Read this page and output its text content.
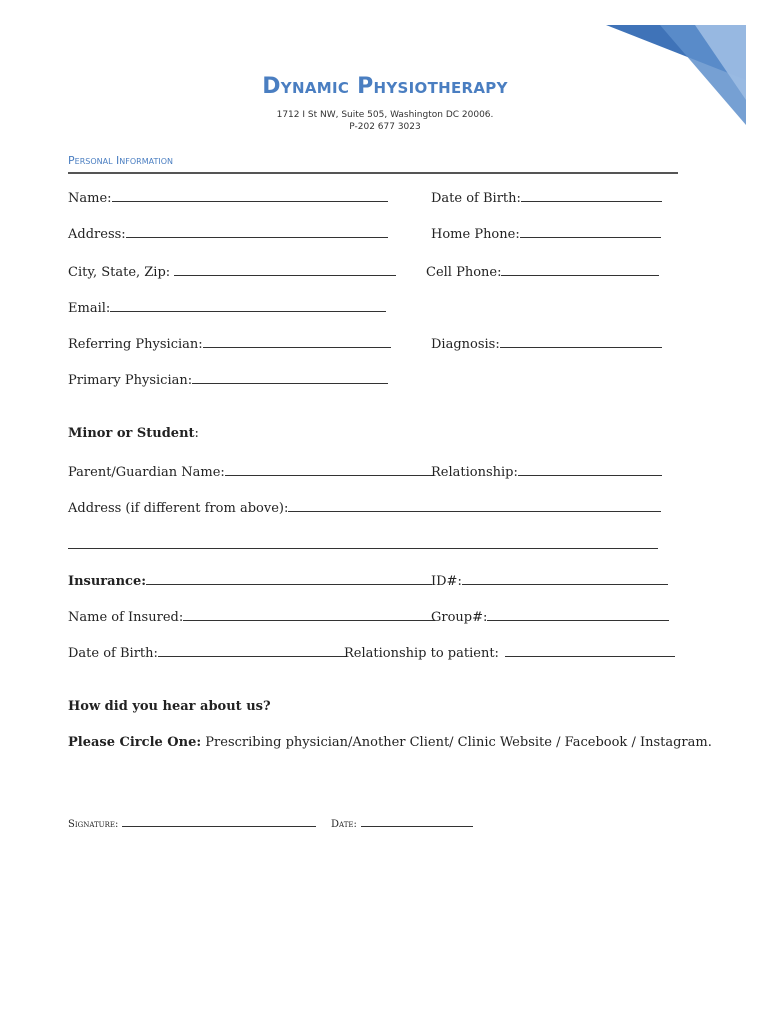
Dynamic Physiotherapy
1712 I St NW, Suite 505, Washington DC 20006.
P-202 677 3023
Personal Information
Name:	Date of Birth:
Address:	Home Phone:
City, State, Zip:	Cell Phone:
Email:
Referring Physician:	Diagnosis:
Primary Physician:
Minor or Student:
Parent/Guardian Name:	Relationship:
Address (if different from above):
Insurance:	ID#:
Name of Insured:	Group#:
Date of Birth:	Relationship to patient:
How did you hear about us?
Please Circle One: Prescribing physician/Another Client/ Clinic Website / Facebook / Instagram.
Signature:	Date:
